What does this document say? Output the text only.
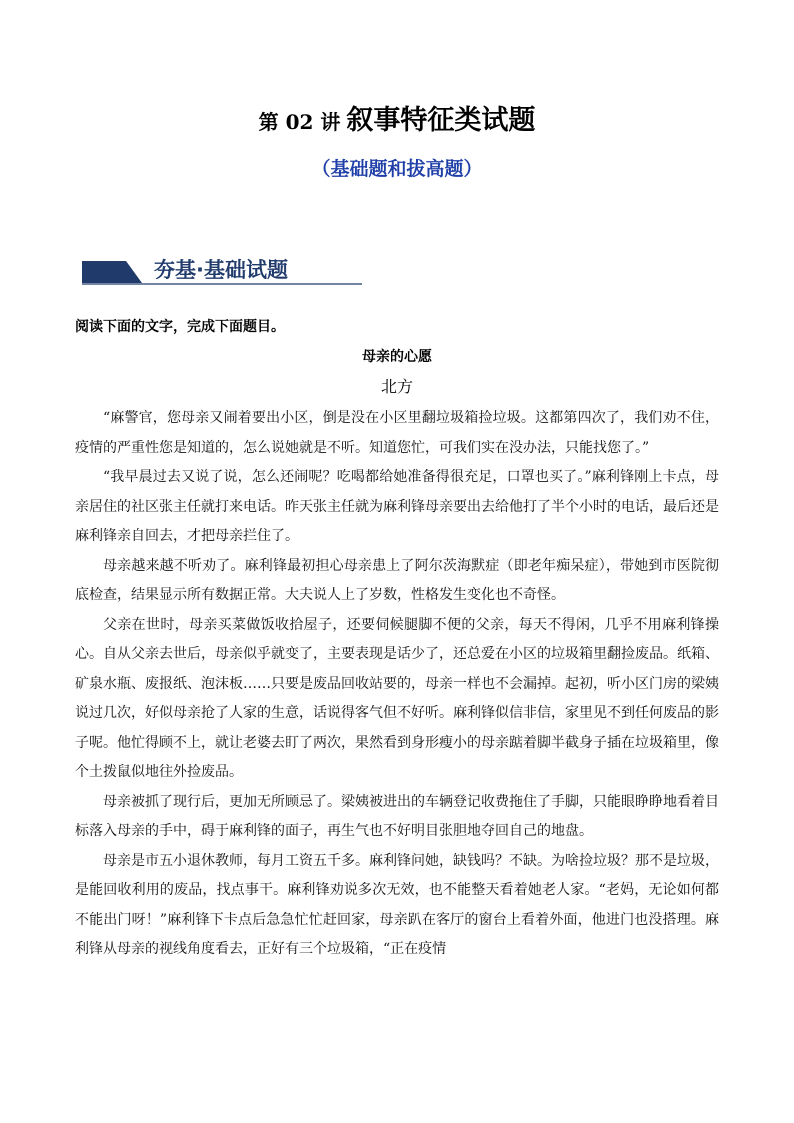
第 02 讲 叙事特征类试题
（基础题和拔高题）
夯基·基础试题
阅读下面的文字，完成下面题目。
母亲的心愿
北方

“麻警官，您母亲又闹着要出小区，倒是没在小区里翻垃圾箱捡垃圾。这都第四次了，我们劝不住，疫情的严重性您是知道的，怎么说她就是不听。知道您忙，可我们实在没办法，只能找您了。”

“我早晨过去又说了说，怎么还闹呢？吃喝都给她准备得很充足，口罩也买了。”麻利锋刚上卡点，母亲居住的社区张主任就打来电话。昨天张主任就为麻利锋母亲要出去给他打了半个小时的电话，最后还是麻利锋亲自回去，才把母亲拦住了。

母亲越来越不听劝了。麻利锋最初担心母亲患上了阿尔茨海默症（即老年痴呆症），带她到市医院彻底检查，结果显示所有数据正常。大夫说人上了岁数，性格发生变化也不奇怪。

父亲在世时，母亲买菜做饭收拾屋子，还要伺候腿脚不便的父亲，每天不得闲，几乎不用麻利锋操心。自从父亲去世后，母亲似乎就变了，主要表现是话少了，还总爱在小区的垃圾箱里翻捡废品。纸箱、矿泉水瓶、废报纸、泡沫板……只要是废品回收站要的，母亲一样也不会漏掉。起初，听小区门房的梁姨说过几次，好似母亲抢了人家的生意，话说得客气但不好听。麻利锋似信非信，家里见不到任何废品的影子呢。他忙得顾不上，就让老婆去盯了两次，果然看到身形瘦小的母亲踮着脚半截身子插在垃圾箱里，像个土拨鼠似地往外捡废品。

母亲被抓了现行后，更加无所顾忌了。梁姨被进出的车辆登记收费拖住了手脚，只能眼睁睁地看着目标落入母亲的手中，碍于麻利锋的面子，再生气也不好明目张胆地夺回自己的地盘。

母亲是市五小退休教师，每月工资五千多。麻利锋问她，缺钱吗？不缺。为啥捡垃圾？那不是垃圾，是能回收利用的废品，找点事干。麻利锋劝说多次无效，也不能整天看着她老人家。“老妈，无论如何都不能出门呀！”麻利锋下卡点后急急忙忙赶回家，母亲趴在客厅的窗台上看着外面，他进门也没搭理。麻利锋从母亲的视线角度看去，正好有三个垃圾箱，“正在疫情
